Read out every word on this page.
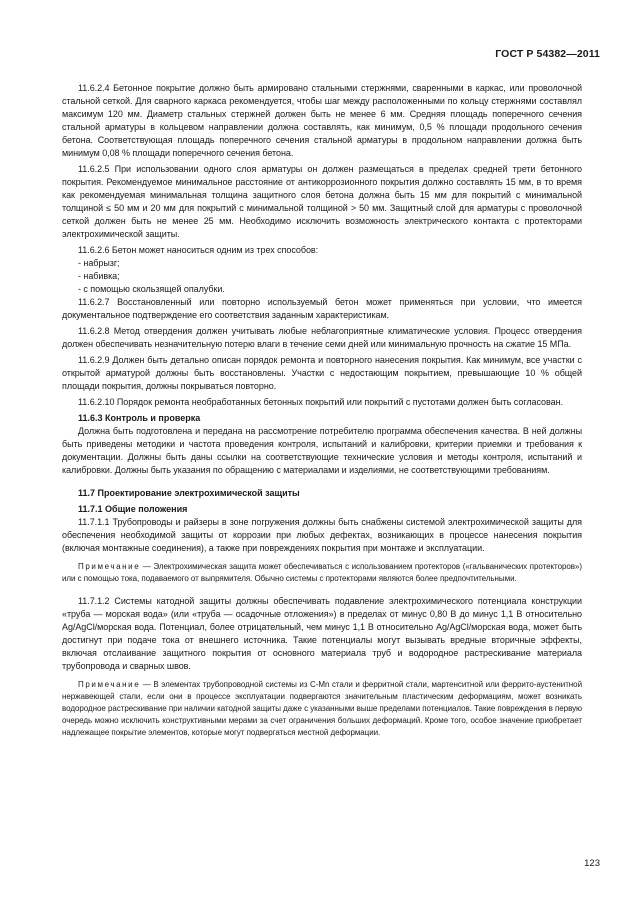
ГОСТ Р 54382—2011

11.6.2.4 Бетонное покрытие должно быть армировано стальными стержнями, сваренными в каркас, или проволочной стальной сеткой. Для сварного каркаса рекомендуется, чтобы шаг между расположенными по кольцу стержнями составлял максимум 120 мм. Диаметр стальных стержней должен быть не менее 6 мм. Средняя площадь поперечного сечения стальной арматуры в кольцевом направлении должна составлять, как минимум, 0,5 % площади продольного сечения бетона. Соответствующая площадь поперечного сечения стальной арматуры в продольном направлении должна быть минимум 0,08 % площади поперечного сечения бетона.

11.6.2.5 При использовании одного слоя арматуры он должен размещаться в пределах средней трети бетонного покрытия. Рекомендуемое минимальное расстояние от антикоррозионного покрытия должно составлять 15 мм, в то время как рекомендуемая минимальная толщина защитного слоя бетона должна быть 15 мм для покрытий с минимальной толщиной ≤ 50 мм и 20 мм для покрытий с минимальной толщиной > 50 мм. Защитный слой для арматуры с проволочной сеткой должен быть не менее 25 мм. Необходимо исключить возможность электрического контакта с протекторами электрохимической защиты.

11.6.2.6 Бетон может наноситься одним из трех способов:

- набрызг;

- набивка;

- с помощью скользящей опалубки.

11.6.2.7 Восстановленный или повторно используемый бетон может применяться при условии, что имеется документальное подтверждение его соответствия заданным характеристикам.

11.6.2.8 Метод отвердения должен учитывать любые неблагоприятные климатические условия. Процесс отвердения должен обеспечивать незначительную потерю влаги в течение семи дней или минимальную прочность на сжатие 15 МПа.

11.6.2.9 Должен быть детально описан порядок ремонта и повторного нанесения покрытия. Как минимум, все участки с открытой арматурой должны быть восстановлены. Участки с недостающим покрытием, превышающие 10 % общей площади покрытия, должны покрываться повторно.

11.6.2.10 Порядок ремонта необработанных бетонных покрытий или покрытий с пустотами должен быть согласован.

11.6.3 Контроль и проверка

Должна быть подготовлена и передана на рассмотрение потребителю программа обеспечения качества. В ней должны быть приведены методики и частота проведения контроля, испытаний и калибровки, критерии приемки и требования к документации. Должны быть даны ссылки на соответствующие технические условия и методы контроля, испытаний и калибровки. Должны быть указания по обращению с материалами и изделиями, не соответствующими требованиям.

11.7 Проектирование электрохимической защиты
11.7.1 Общие положения

11.7.1.1 Трубопроводы и райзеры в зоне погружения должны быть снабжены системой электрохимической защиты для обеспечения необходимой защиты от коррозии при любых дефектах, возникающих в процессе нанесения покрытия (включая монтажные соединения), а также при повреждениях покрытия при монтаже и эксплуатации.

Примечание — Электрохимическая защита может обеспечиваться с использованием протекторов («гальванических протекторов») или с помощью тока, подаваемого от выпрямителя. Обычно системы с протекторами являются более предпочтительными.

11.7.1.2 Системы катодной защиты должны обеспечивать подавление электрохимического потенциала конструкции «труба — морская вода» (или «труба — осадочные отложения») в пределах от минус 0,80 В до минус 1,1 В относительно Ag/AgCl/морская вода. Потенциал, более отрицательный, чем минус 1,1 В относительно Ag/AgCl/морская вода, может быть достигнут при подаче тока от внешнего источника. Такие потенциалы могут вызывать вредные вторичные эффекты, включая отслаивание защитного покрытия от основного материала труб и водородное растрескивание материала трубопровода и сварных швов.

Примечание — В элементах трубопроводной системы из С-Мn стали и ферритной стали, мартенситной или феррито-аустенитной нержавеющей стали, если они в процессе эксплуатации подвергаются значительным пластическим деформациям, может возникать водородное растрескивание при наличии катодной защиты даже с указанными выше пределами потенциалов. Такие повреждения в первую очередь можно исключить конструктивными мерами за счет ограничения больших деформаций. Кроме того, особое значение приобретает надлежащее покрытие элементов, которые могут подвергаться местной деформации.

123
